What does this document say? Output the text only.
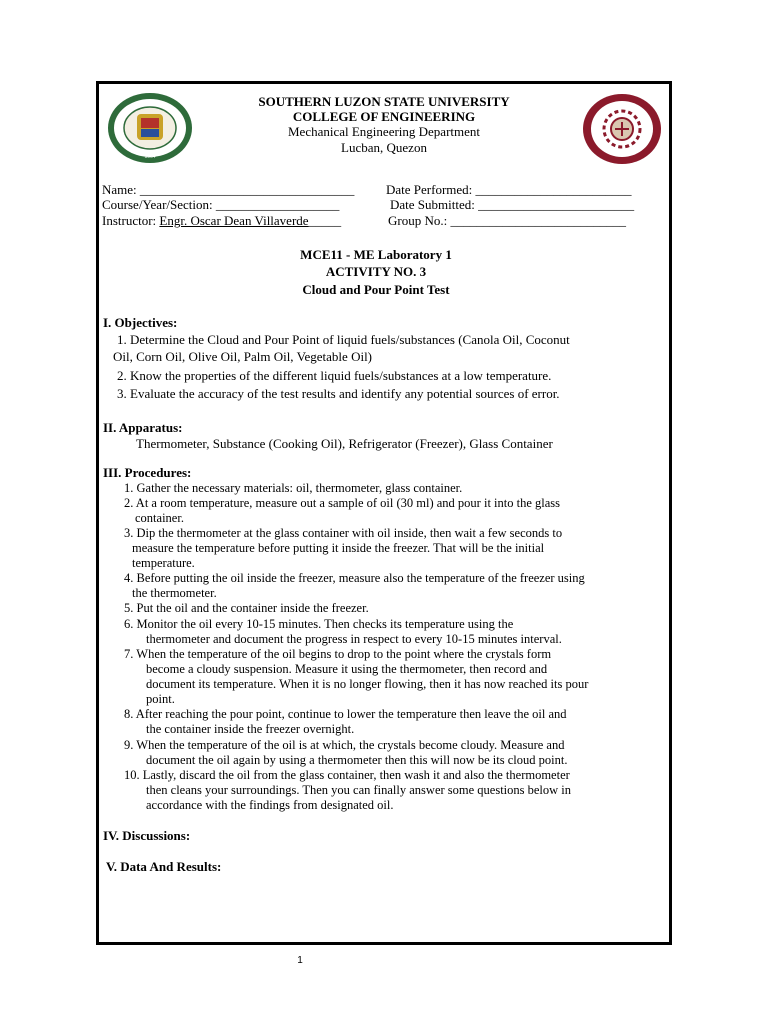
1964
SOUTHERN LUZON STATE UNIVERSITY
COLLEGE OF ENGINEERING
Mechanical Engineering Department
Lucban, Quezon
Name: _________________________________ Date Performed: ________________________
Course/Year/Section: ___________________	Date Submitted: ________________________
Instructor: Engr. Oscar Dean Villaverde_____	Group No.: ___________________________
MCE11 - ME Laboratory 1
ACTIVITY NO. 3
Cloud and Pour Point Test
I. Objectives:
1. Determine the Cloud and Pour Point of liquid fuels/substances (Canola Oil, Coconut
Oil, Corn Oil, Olive Oil, Palm Oil, Vegetable Oil)
2. Know the properties of the different liquid fuels/substances at a low temperature.
3. Evaluate the accuracy of the test results and identify any potential sources of error.
II. Apparatus:
Thermometer, Substance (Cooking Oil), Refrigerator (Freezer), Glass Container
III. Procedures:
1. Gather the necessary materials: oil, thermometer, glass container.
2. At a room temperature, measure out a sample of oil (30 ml) and pour it into the glass
container.
3. Dip the thermometer at the glass container with oil inside, then wait a few seconds to
measure the temperature before putting it inside the freezer. That will be the initial
temperature.
4. Before putting the oil inside the freezer, measure also the temperature of the freezer using
the thermometer.
5. Put the oil and the container inside the freezer.
6. Monitor the oil every 10-15 minutes. Then checks its temperature using the
thermometer and document the progress in respect to every 10-15 minutes interval.
7. When the temperature of the oil begins to drop to the point where the crystals form
become a cloudy suspension. Measure it using the thermometer, then record and
document its temperature. When it is no longer flowing, then it has now reached its pour
point.
8. After reaching the pour point, continue to lower the temperature then leave the oil and
the container inside the freezer overnight.
9. When the temperature of the oil is at which, the crystals become cloudy. Measure and
document the oil again by using a thermometer then this will now be its cloud point.
10. Lastly, discard the oil from the glass container, then wash it and also the thermometer
then cleans your surroundings. Then you can finally answer some questions below in
accordance with the findings from designated oil.
IV. Discussions:
V. Data And Results:
1
